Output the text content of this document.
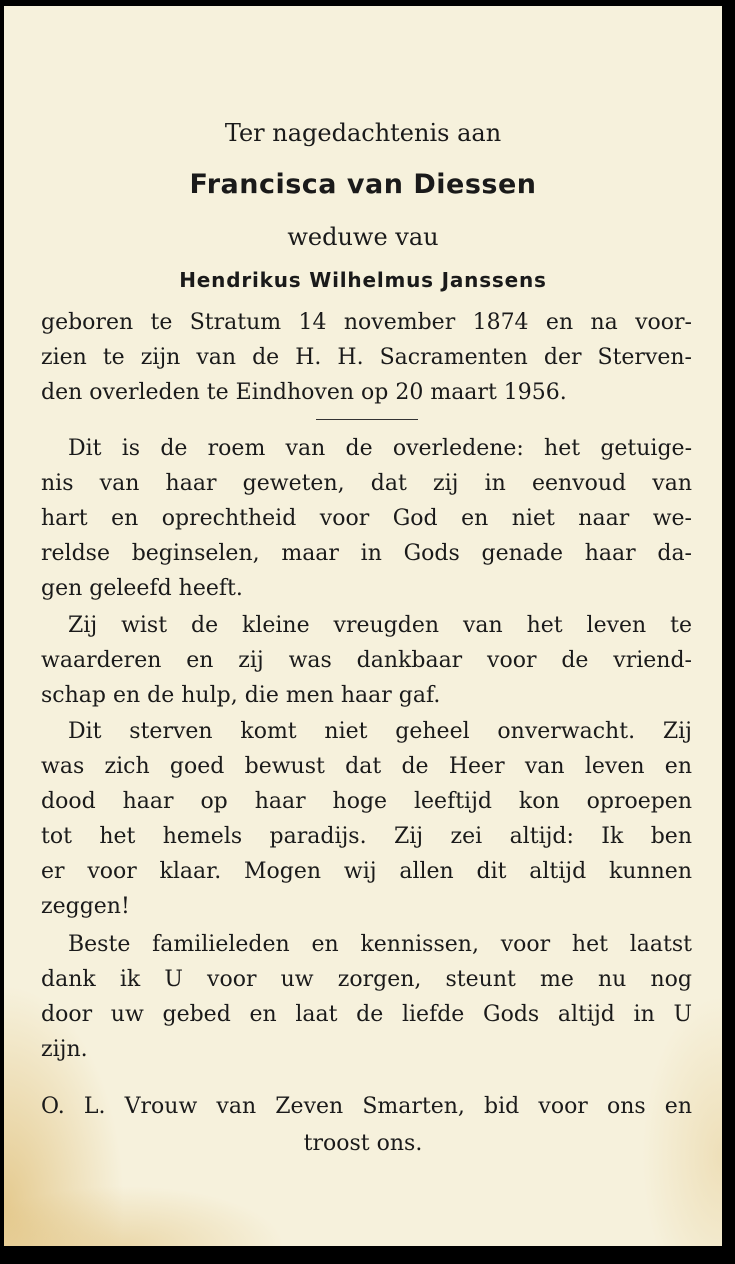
Ter nagedachtenis aan
Francisca van Diessen
weduwe vau
Hendrikus Wilhelmus Janssens
geboren te Stratum 14 november 1874 en na voor-
zien te zijn van de H. H. Sacramenten der Sterven-
den overleden te Eindhoven op 20 maart 1956.
Dit is de roem van de overledene: het getuige-
nis van haar geweten, dat zij in eenvoud van
hart en oprechtheid voor God en niet naar we-
reldse beginselen, maar in Gods genade haar da-
gen geleefd heeft.
Zij wist de kleine vreugden van het leven te
waarderen en zij was dankbaar voor de vriend-
schap en de hulp, die men haar gaf.
Dit sterven komt niet geheel onverwacht. Zij
was zich goed bewust dat de Heer van leven en
dood haar op haar hoge leeftijd kon oproepen
tot het hemels paradijs. Zij zei altijd: Ik ben
er voor klaar. Mogen wij allen dit altijd kunnen
zeggen!
Beste familieleden en kennissen, voor het laatst
dank ik U voor uw zorgen, steunt me nu nog
door uw gebed en laat de liefde Gods altijd in U
zijn.
O. L. Vrouw van Zeven Smarten, bid voor ons en
troost ons.
